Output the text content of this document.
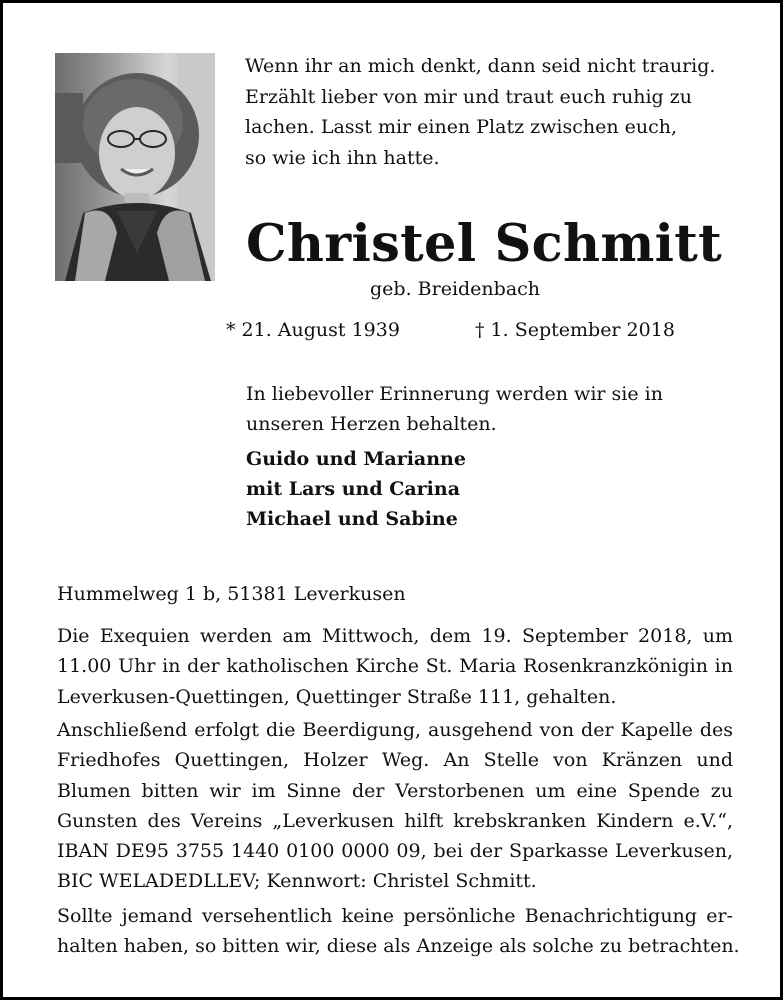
Wenn ihr an mich denkt, dann seid nicht traurig.
Erzählt lieber von mir und traut euch ruhig zu
lachen. Lasst mir einen Platz zwischen euch,
so wie ich ihn hatte.
Christel Schmitt
geb. Breidenbach
* 21. August 1939	† 1. September 2018
In liebevoller Erinnerung werden wir sie in
unseren Herzen behalten.
Guido und Marianne
mit Lars und Carina
Michael und Sabine
Hummelweg 1 b, 51381 Leverkusen
Die Exequien werden am Mittwoch, dem 19. September 2018, um
11.00 Uhr in der katholischen Kirche St. Maria Rosenkranzkönigin in
Leverkusen-Quettingen, Quettinger Straße 111, gehalten.
Anschließend erfolgt die Beerdigung, ausgehend von der Kapelle des
Friedhofes Quettingen, Holzer Weg. An Stelle von Kränzen und
Blumen bitten wir im Sinne der Verstorbenen um eine Spende zu
Gunsten des Vereins „Leverkusen hilft krebskranken Kindern e.V.“,
IBAN DE95 3755 1440 0100 0000 09, bei der Sparkasse Leverkusen,
BIC WELADEDLLEV; Kennwort: Christel Schmitt.
Sollte jemand versehentlich keine persönliche Benachrichtigung er-
halten haben, so bitten wir, diese als Anzeige als solche zu betrachten.
